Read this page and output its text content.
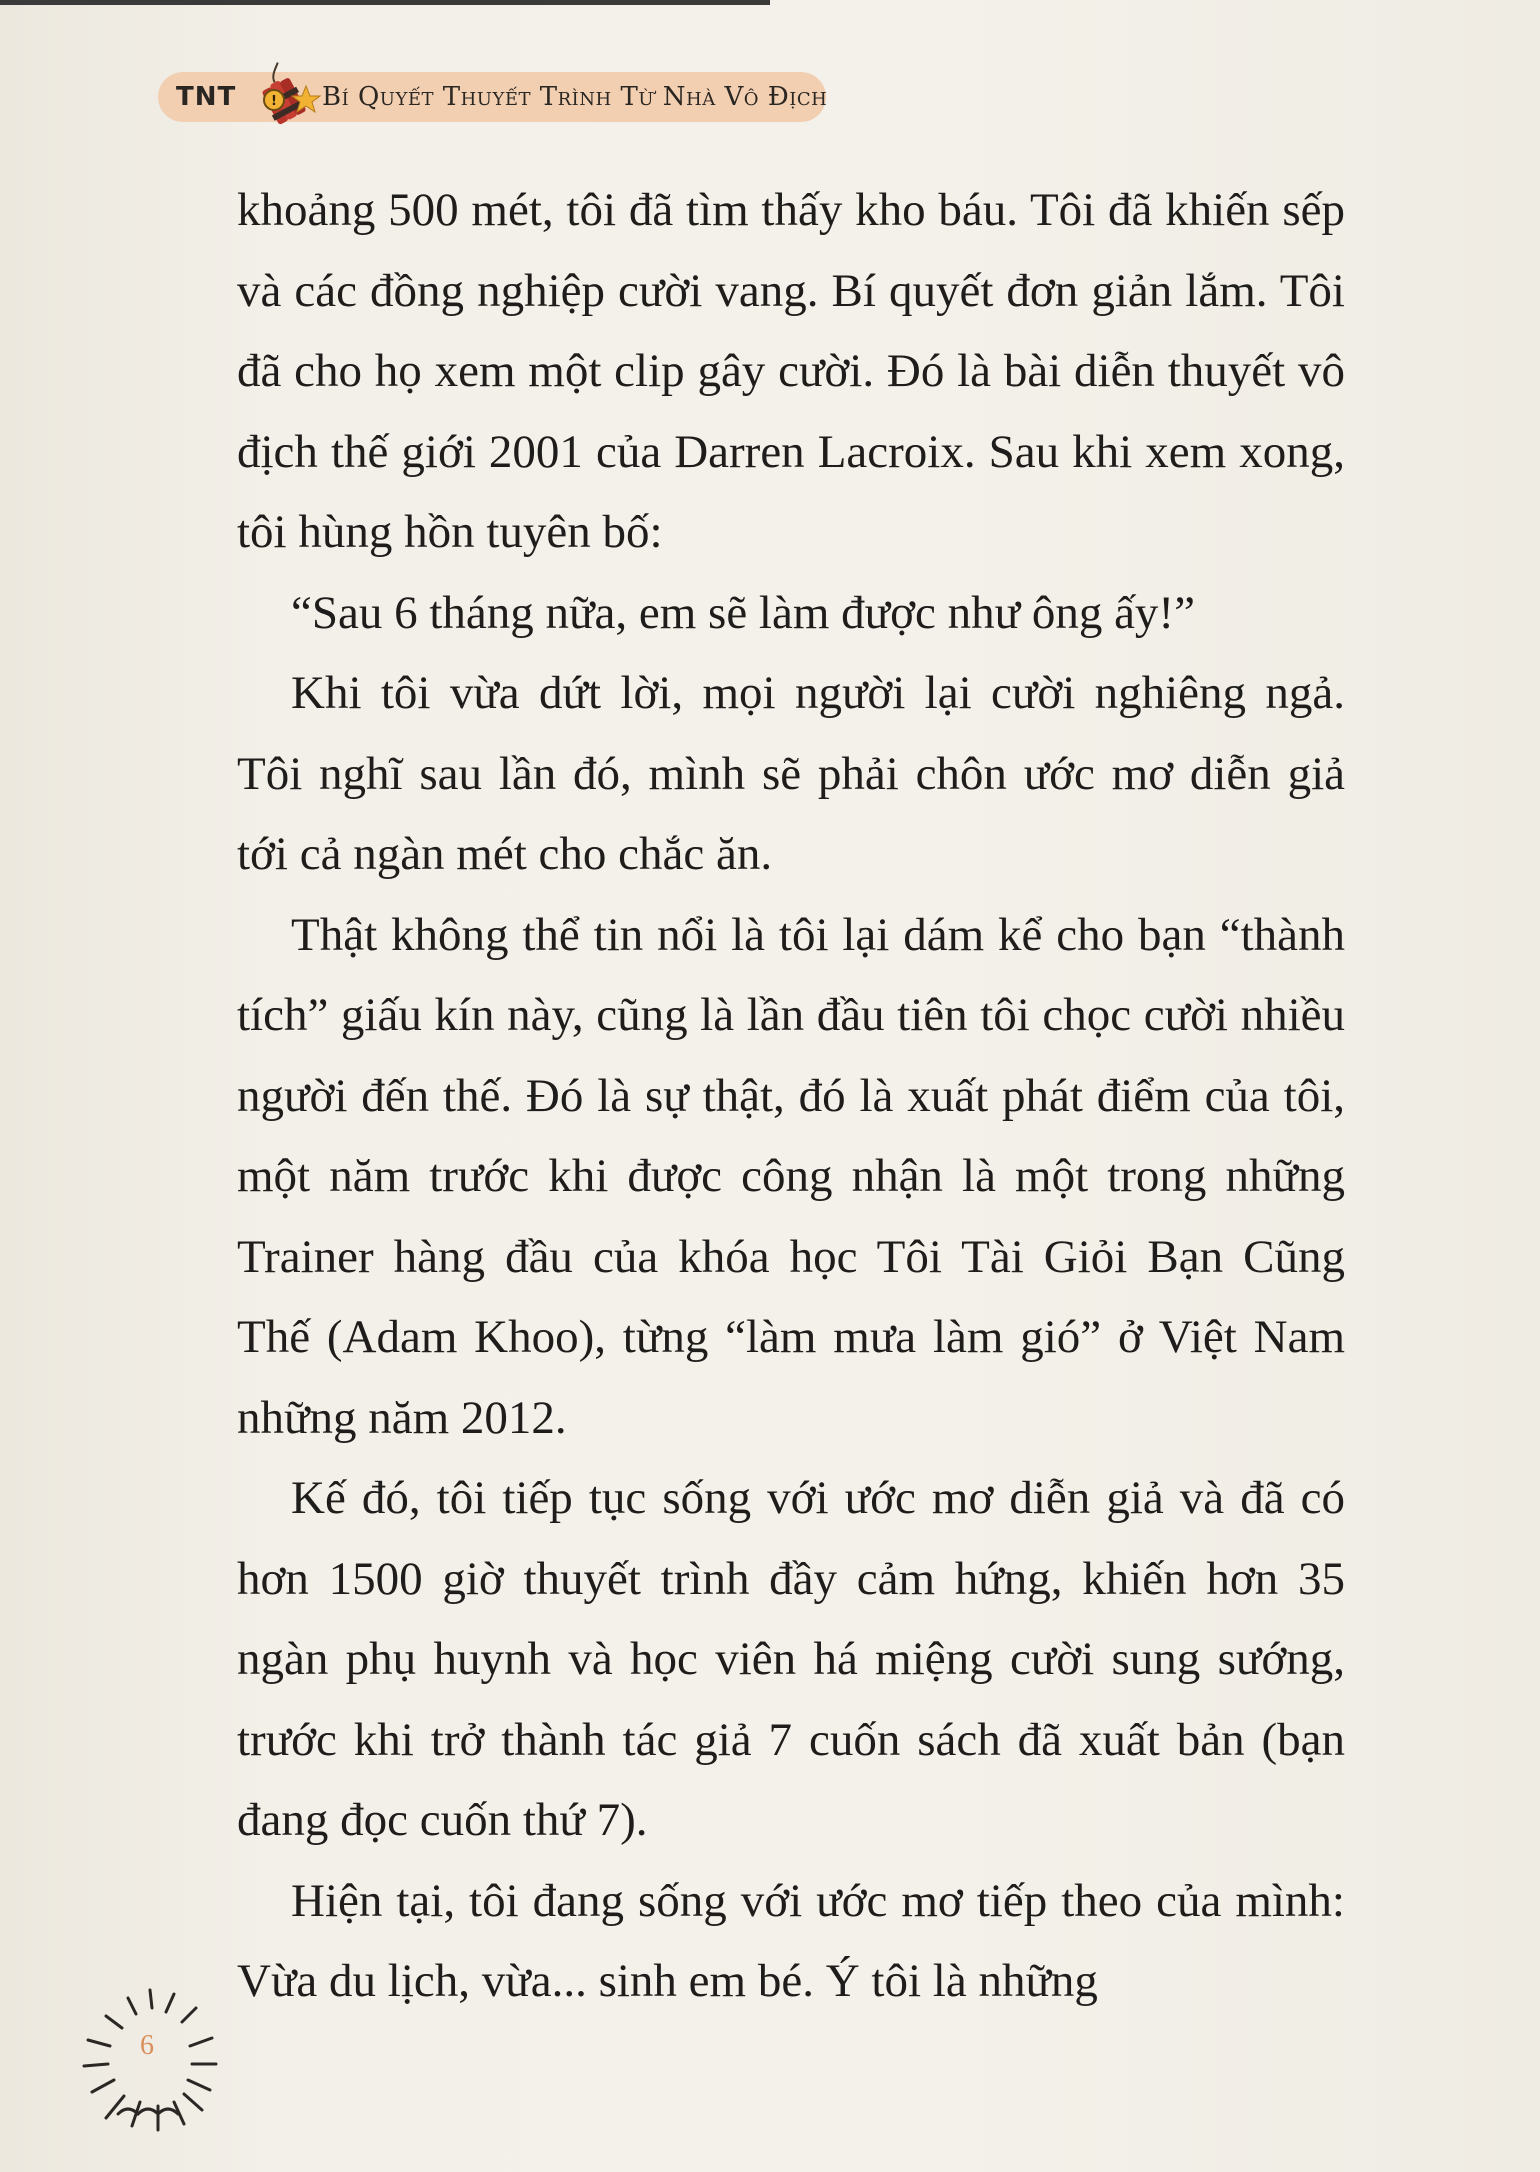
TNT	! Bí Quyết Thuyết Trình Từ Nhà Vô Địch

khoảng 500 mét, tôi đã tìm thấy kho báu. Tôi đã khiến sếp và các đồng nghiệp cười vang. Bí quyết đơn giản lắm. Tôi đã cho họ xem một clip gây cười. Đó là bài diễn thuyết vô địch thế giới 2001 của Darren Lacroix. Sau khi xem xong, tôi hùng hồn tuyên bố:

“Sau 6 tháng nữa, em sẽ làm được như ông ấy!”

Khi tôi vừa dứt lời, mọi người lại cười nghiêng ngả. Tôi nghĩ sau lần đó, mình sẽ phải chôn ước mơ diễn giả tới cả ngàn mét cho chắc ăn.

Thật không thể tin nổi là tôi lại dám kể cho bạn “thành tích” giấu kín này, cũng là lần đầu tiên tôi chọc cười nhiều người đến thế. Đó là sự thật, đó là xuất phát điểm của tôi, một năm trước khi được công nhận là một trong những Trainer hàng đầu của khóa học Tôi Tài Giỏi Bạn Cũng Thế (Adam Khoo), từng “làm mưa làm gió” ở Việt Nam những năm 2012.

Kế đó, tôi tiếp tục sống với ước mơ diễn giả và đã có hơn 1500 giờ thuyết trình đầy cảm hứng, khiến hơn 35 ngàn phụ huynh và học viên há miệng cười sung sướng, trước khi trở thành tác giả 7 cuốn sách đã xuất bản (bạn đang đọc cuốn thứ 7).

Hiện tại, tôi đang sống với ước mơ tiếp theo của mình: Vừa du lịch, vừa... sinh em bé. Ý tôi là những

6
